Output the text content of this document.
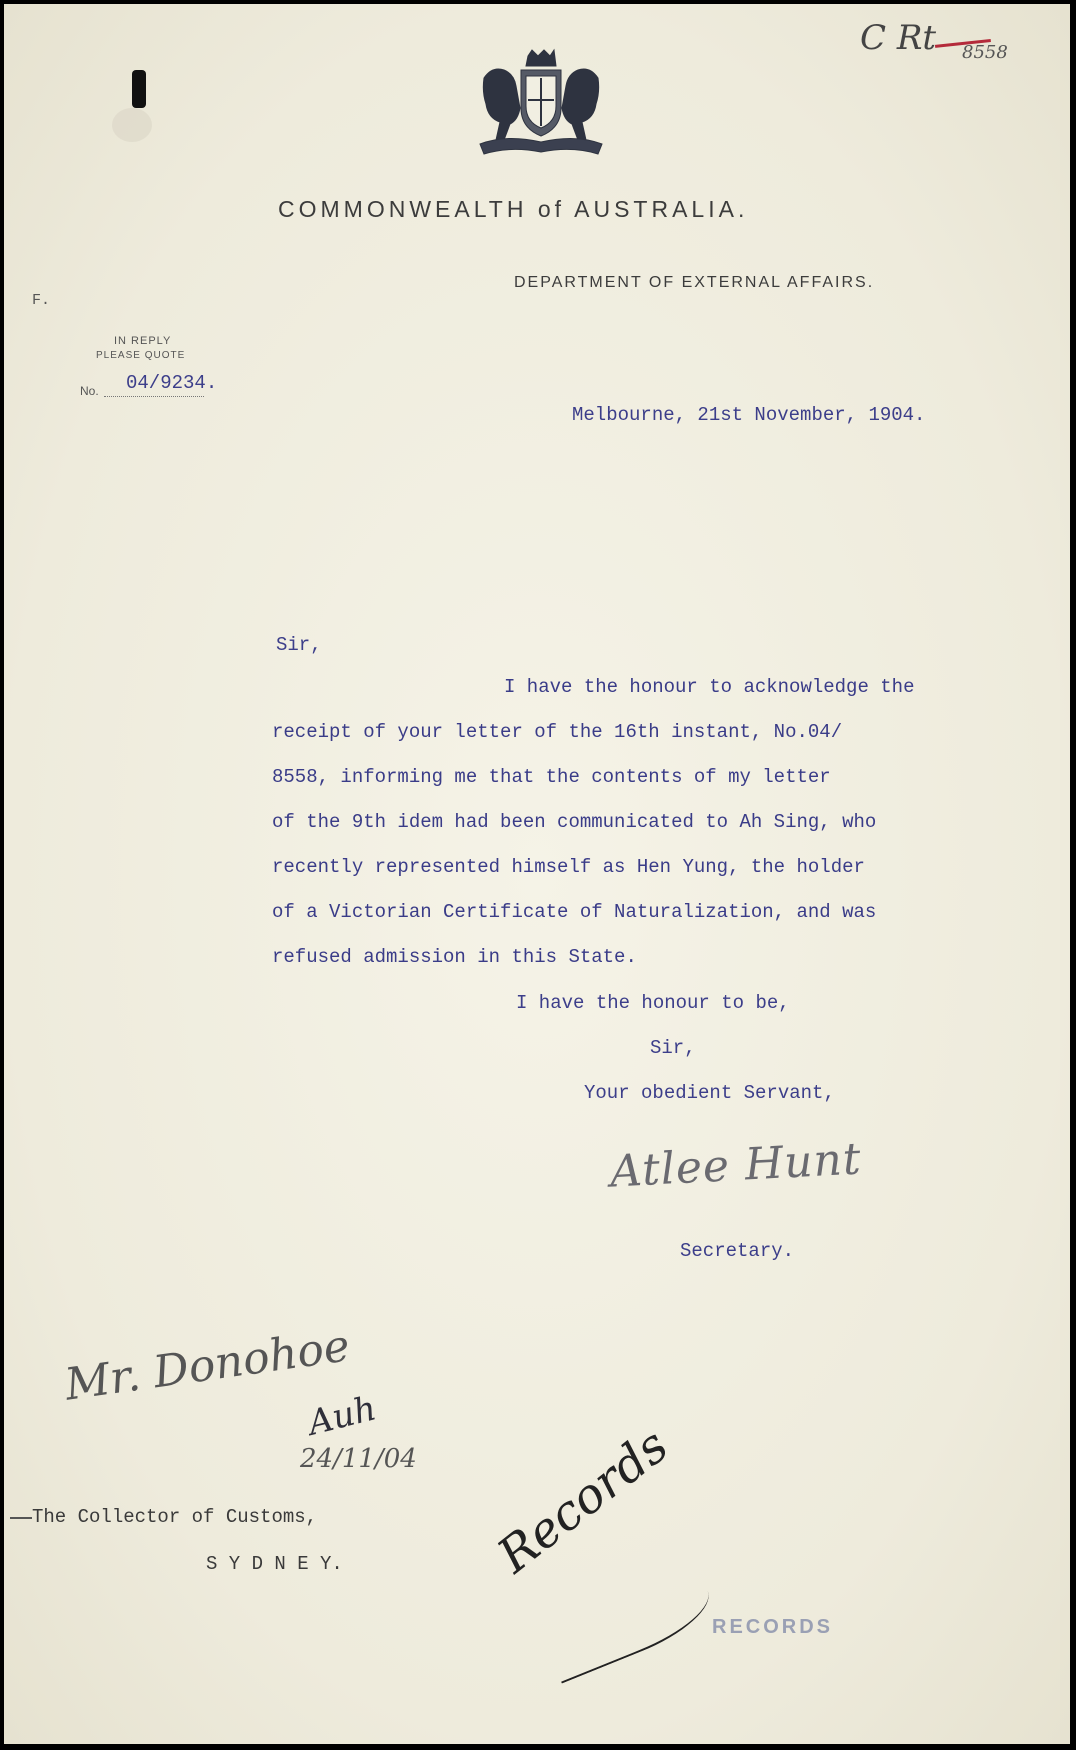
C Rt 8558
COMMONWEALTH of AUSTRALIA.
DEPARTMENT OF EXTERNAL AFFAIRS.
F.
IN REPLY
PLEASE QUOTE
No. 04/9234.
Melbourne, 21st November, 1904.
Sir,
I have the honour to acknowledge the
receipt of your letter of the 16th instant, No.04/
8558, informing me that the contents of my letter
of the 9th idem had been communicated to Ah Sing, who
recently represented himself as Hen Yung, the holder
of a Victorian Certificate of Naturalization, and was
refused admission in this State.
I have the honour to be,
Sir,
Your obedient Servant,
Atlee Hunt
Secretary.
Mr. Donohoe
Auh
24/11/04
The Collector of Customs,
S Y D N E Y.	Records
RECORDS
